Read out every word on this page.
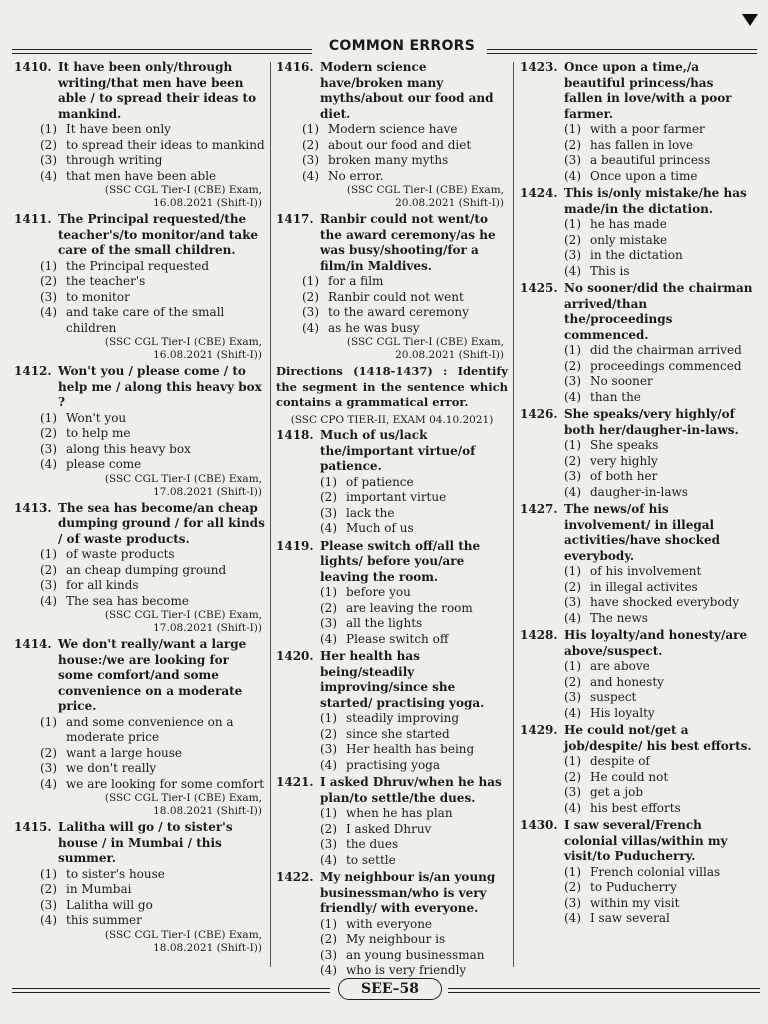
COMMON ERRORS
1410. It have been only/through writing/that men have been able / to spread their ideas to mankind.
(1) It have been only
(2) to spread their ideas to mankind
(3) through writing
(4) that men have been able
(SSC CGL Tier-I (CBE) Exam,
16.08.2021 (Shift-I))
1411. The Principal requested/the teacher's/to monitor/and take care of the small children.
(1) the Principal requested
(2) the teacher's
(3) to monitor
(4) and take care of the small children
(SSC CGL Tier-I (CBE) Exam,
16.08.2021 (Shift-I))
1412. Won't you / please come / to help me / along this heavy box ?
(1) Won't you
(2) to help me
(3) along this heavy box
(4) please come
(SSC CGL Tier-I (CBE) Exam,
17.08.2021 (Shift-I))
1413. The sea has become/an cheap dumping ground / for all kinds / of waste products.
(1) of waste products
(2) an cheap dumping ground
(3) for all kinds
(4) The sea has become
(SSC CGL Tier-I (CBE) Exam,
17.08.2021 (Shift-I))
1414. We don't really/want a large house:/we are looking for some comfort/and some convenience on a moderate price.
(1) and some convenience on a moderate price
(2) want a large house
(3) we don't really
(4) we are looking for some comfort
(SSC CGL Tier-I (CBE) Exam,
18.08.2021 (Shift-I))
1415. Lalitha will go / to sister's house / in Mumbai / this summer.
(1) to sister's house
(2) in Mumbai
(3) Lalitha will go
(4) this summer
(SSC CGL Tier-I (CBE) Exam,
18.08.2021 (Shift-I))
1416. Modern science have/broken many myths/about our food and diet.
(1) Modern science have
(2) about our food and diet
(3) broken many myths
(4) No error.
(SSC CGL Tier-I (CBE) Exam,
20.08.2021 (Shift-I))
1417. Ranbir could not went/to the award ceremony/as he was busy/shooting/for a film/in Maldives.
(1) for a film
(2) Ranbir could not went
(3) to the award ceremony
(4) as he was busy
(SSC CGL Tier-I (CBE) Exam,
20.08.2021 (Shift-I))
Directions (1418-1437) : Identify the segment in the sentence which contains a grammatical error.
(SSC CPO TIER-II, EXAM 04.10.2021)
1418. Much of us/lack the/important virtue/of patience.
(1) of patience
(2) important virtue
(3) lack the
(4) Much of us
1419. Please switch off/all the lights/ before you/are leaving the room.
(1) before you
(2) are leaving the room
(3) all the lights
(4) Please switch off
1420. Her health has being/steadily improving/since she started/ practising yoga.
(1) steadily improving
(2) since she started
(3) Her health has being
(4) practising yoga
1421. I asked Dhruv/when he has plan/to settle/the dues.
(1) when he has plan
(2) I asked Dhruv
(3) the dues
(4) to settle
1422. My neighbour is/an young businessman/who is very friendly/ with everyone.
(1) with everyone
(2) My neighbour is
(3) an young businessman
(4) who is very friendly
1423. Once upon a time,/a beautiful princess/has fallen in love/with a poor farmer.
(1) with a poor farmer
(2) has fallen in love
(3) a beautiful princess
(4) Once upon a time
1424. This is/only mistake/he has made/in the dictation.
(1) he has made
(2) only mistake
(3) in the dictation
(4) This is
1425. No sooner/did the chairman arrived/than the/proceedings commenced.
(1) did the chairman arrived
(2) proceedings commenced
(3) No sooner
(4) than the
1426. She speaks/very highly/of both her/daugher-in-laws.
(1) She speaks
(2) very highly
(3) of both her
(4) daugher-in-laws
1427. The news/of his involvement/ in illegal activities/have shocked everybody.
(1) of his involvement
(2) in illegal activites
(3) have shocked everybody
(4) The news
1428. His loyalty/and honesty/are above/suspect.
(1) are above
(2) and honesty
(3) suspect
(4) His loyalty
1429. He could not/get a job/despite/ his best efforts.
(1) despite of
(2) He could not
(3) get a job
(4) his best efforts
1430. I saw several/French colonial villas/within my visit/to Puducherry.
(1) French colonial villas
(2) to Puducherry
(3) within my visit
(4) I saw several
SEE–58
